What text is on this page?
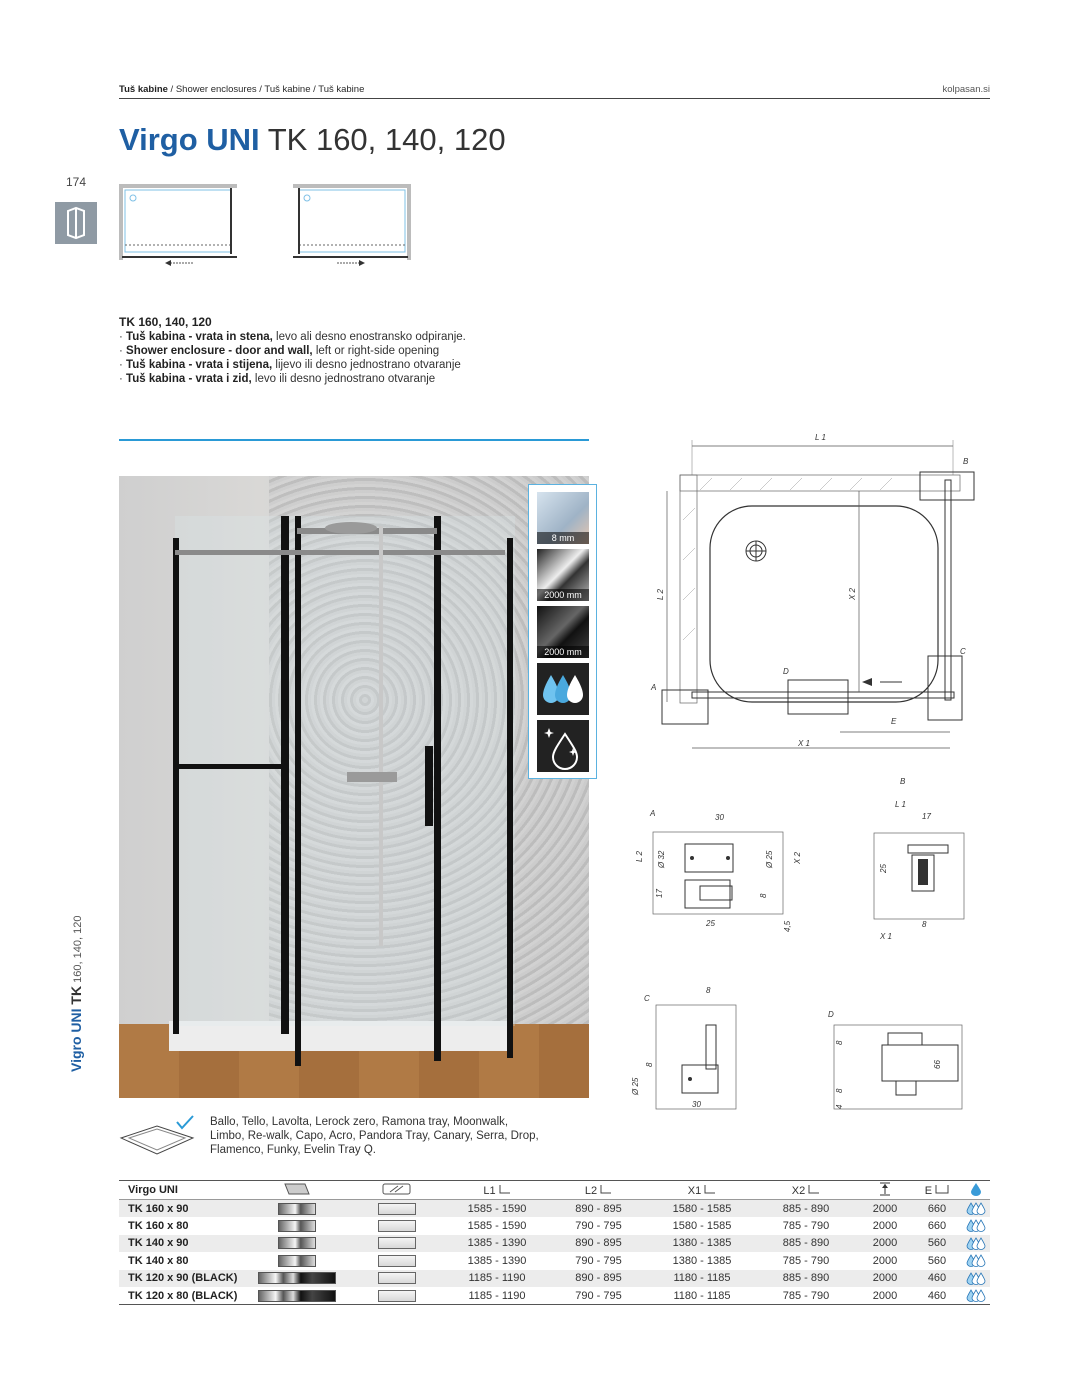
Tuš kabine / Shower enclosures / Tuš kabine / Tuš kabine	kolpasan.si
Virgo UNI TK 160, 140, 120
174
Vigro UNI TK 160, 140, 120
TK 160, 140, 120
· Tuš kabina - vrata in stena, levo ali desno enostransko odpiranje.
· Shower enclosure - door and wall, left or right-side opening
· Tuš kabina - vrata i stijena, lijevo ili desno jednostrano otvaranje
· Tuš kabina - vrata i zid, levo ili desno jednostrano otvaranje
8 mm
2000 mm
2000 mm
L 1
B
C
D
A
L 2	X 2
E
X 1
A	30
Ø 32	Ø 25
L 2	X 2
17	8
25	4,5
B
L 1
17
25
8
X 1
C
8
8
Ø 25
30
D
8
8
4
66
Ballo, Tello, Lavolta, Lerock zero, Ramona tray, Moonwalk, Limbo, Re-walk, Capo, Acro, Pandora Tray, Canary, Serra, Drop, Flamenco, Funky, Evelin Tray Q.
Virgo UNI			L1	L2	X1	X2		E	
TK 160 x 90			1585 - 1590	890 - 895	1580 - 1585	885 - 890	2000	660	
TK 160 x 80			1585 - 1590	790 - 795	1580 - 1585	785 - 790	2000	660	
TK 140 x 90			1385 - 1390	890 - 895	1380 - 1385	885 - 890	2000	560	
TK 140 x 80			1385 - 1390	790 - 795	1380 - 1385	785 - 790	2000	560	
TK 120 x 90 (BLACK)			1185 - 1190	890 - 895	1180 - 1185	885 - 890	2000	460	
TK 120 x 80 (BLACK)			1185 - 1190	790 - 795	1180 - 1185	785 - 790	2000	460	
